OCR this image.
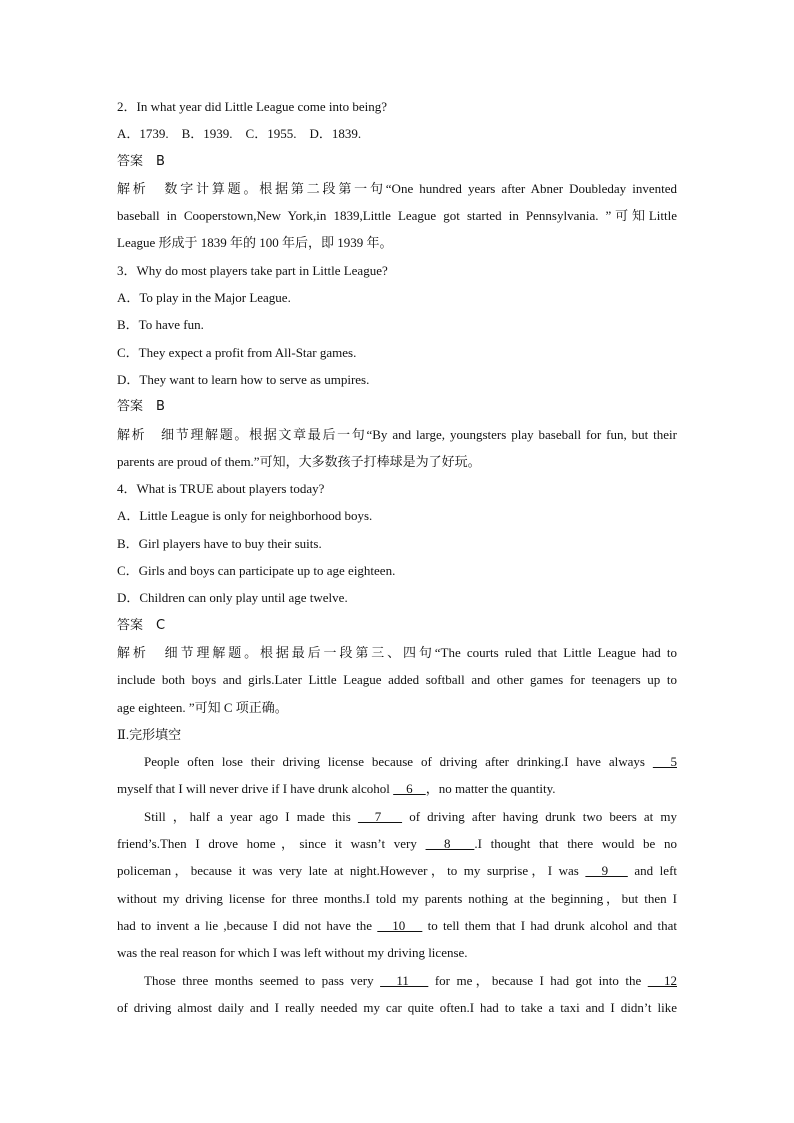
2．In what year did Little League come into being?
A．1739.　B．1939.　C．1955.　D．1839.
答案　B
解析　数字计算题。根据第二段第一句“One hundred years after Abner Doubleday invented
baseball in Cooperstown,New York,in 1839,Little League got started in Pennsylvania. ”可知Little
League 形成于 1839 年的 100 年后，即 1939 年。
3．Why do most players take part in Little League?
A．To play in the Major League.
B．To have fun.
C．They expect a profit from All-Star games.
D．They want to learn how to serve as umpires.
答案　B
解析　细节理解题。根据文章最后一句“By and large, youngsters play baseball for fun, but their
parents are proud of them.”可知，大多数孩子打棒球是为了好玩。
4．What is TRUE about players today?
A．Little League is only for neighborhood boys.
B．Girl players have to buy their suits.
C．Girls and boys can participate up to age eighteen.
D．Children can only play until age twelve.
答案　C
解析　细节理解题。根据最后一段第三、四句“The courts ruled that Little League had to
include both boys and girls.Later Little League added softball and other games for teenagers up to
age eighteen. ”可知 C 项正确。
Ⅱ.完形填空
People often lose their driving license because of driving after drinking.I have always 　5
myself that I will never drive if I have drunk alcohol 　6　，no matter the quantity.
Still ，half a year ago I made this 　7　 of driving after having drunk two beers at my
friend’s.Then I drove home，since it wasn’t very 　8　.I thought that there would be no
policeman，because it was very late at night.However，to my surprise，I was 　9　 and left
without my driving license for three months.I told my parents nothing at the beginning，but then I
had to invent a lie ,because I did not have the 　10　 to tell them that I had drunk alcohol and that
was the real reason for which I was left without my driving license.
Those three months seemed to pass very 　11　 for me，because I had got into the 　12
of driving almost daily and I really needed my car quite often.I had to take a taxi and I didn’t like
